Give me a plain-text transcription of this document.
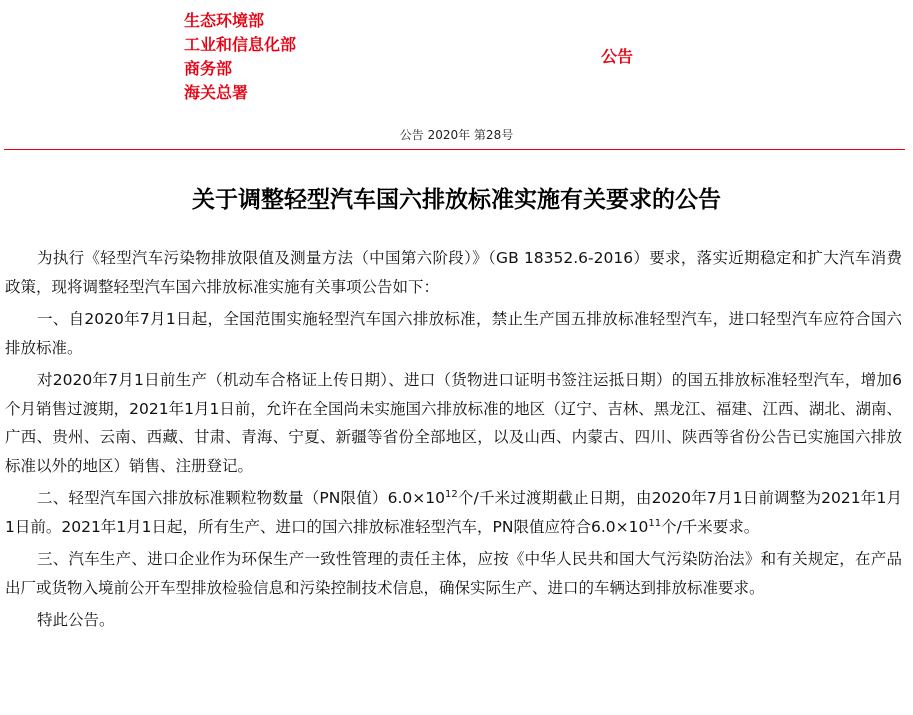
生态环境部
工业和信息化部
商务部
海关总署
公告
公告 2020年 第28号
关于调整轻型汽车国六排放标准实施有关要求的公告

为执行《轻型汽车污染物排放限值及测量方法（中国第六阶段）》（GB 18352.6-2016）要求，落实近期稳定和扩大汽车消费政策，现将调整轻型汽车国六排放标准实施有关事项公告如下：

一、自2020年7月1日起，全国范围实施轻型汽车国六排放标准，禁止生产国五排放标准轻型汽车，进口轻型汽车应符合国六排放标准。

对2020年7月1日前生产（机动车合格证上传日期）、进口（货物进口证明书签注运抵日期）的国五排放标准轻型汽车，增加6个月销售过渡期，2021年1月1日前，允许在全国尚未实施国六排放标准的地区（辽宁、吉林、黑龙江、福建、江西、湖北、湖南、广西、贵州、云南、西藏、甘肃、青海、宁夏、新疆等省份全部地区，以及山西、内蒙古、四川、陕西等省份公告已实施国六排放标准以外的地区）销售、注册登记。

二、轻型汽车国六排放标准颗粒物数量（PN限值）$6.0\times 10^{12}$个/千米过渡期截止日期，由2020年7月1日前调整为2021年1月1日前。2021年1月1日起，所有生产、进口的国六排放标准轻型汽车，PN限值应符合$6.0\times 10^{11}$个/千米要求。

三、汽车生产、进口企业作为环保生产一致性管理的责任主体，应按《中华人民共和国大气污染防治法》和有关规定，在产品出厂或货物入境前公开车型排放检验信息和污染控制技术信息，确保实际生产、进口的车辆达到排放标准要求。

特此公告。
